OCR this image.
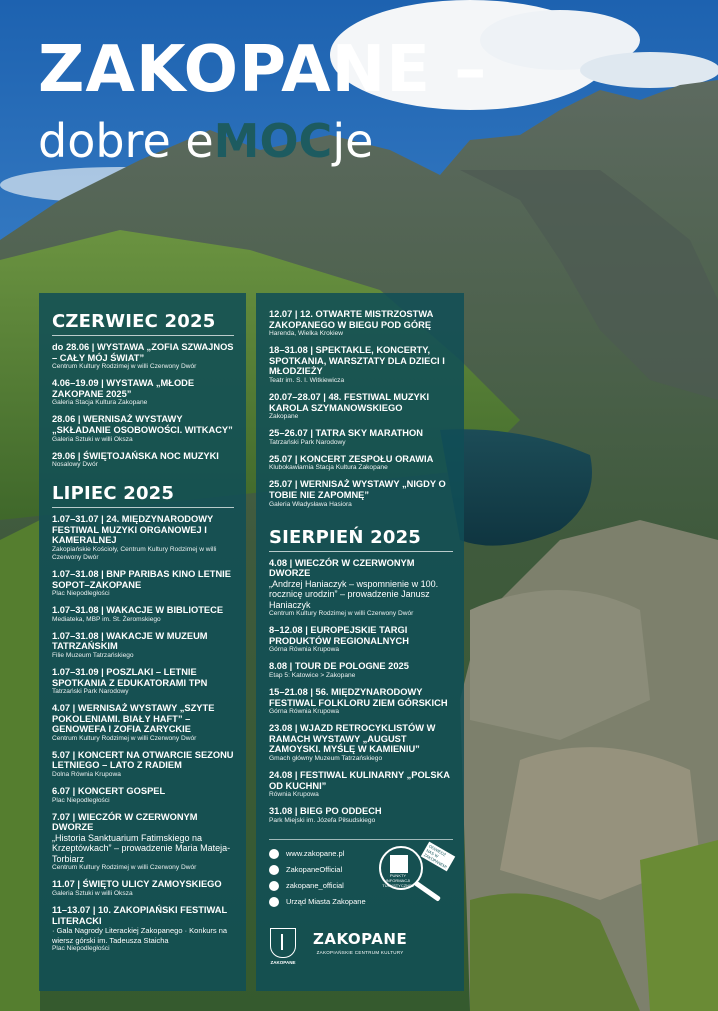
ZAKOPANE –
dobre eMOCje
CZERWIEC 2025
do 28.06 | WYSTAWA „ZOFIA SZWAJNOS – CAŁY MÓJ ŚWIAT”
Centrum Kultury Rodzimej w willi Czerwony Dwór
4.06–19.09 | WYSTAWA „MŁODE ZAKOPANE 2025”
Galeria Stacja Kultura Zakopane
28.06 | WERNISAŻ WYSTAWY „SKŁADANIE OSOBOWOŚCI. WITKACY”
Galeria Sztuki w willi Oksza
29.06 | ŚWIĘTOJAŃSKA NOC MUZYKI
Nosalowy Dwór
LIPIEC 2025
1.07–31.07 | 24. MIĘDZYNARODOWY FESTIWAL MUZYKI ORGANOWEJ I KAMERALNEJ
Zakopiańskie Kościoły, Centrum Kultury Rodzimej w willi Czerwony Dwór
1.07–31.08 | BNP PARIBAS KINO LETNIE SOPOT–ZAKOPANE
Plac Niepodległości
1.07–31.08 | WAKACJE W BIBLIOTECE
Mediateka, MBP im. St. Żeromskiego
1.07–31.08 | WAKACJE W MUZEUM TATRZAŃSKIM
Filie Muzeum Tatrzańskiego
1.07–31.09 | POSZLAKI – LETNIE SPOTKANIA Z EDUKATORAMI TPN
Tatrzański Park Narodowy
4.07 | WERNISAŻ WYSTAWY „SZYTE POKOLENIAMI. BIAŁY HAFT” – GENOWEFA I ZOFIA ZARYCKIE
Centrum Kultury Rodzimej w willi Czerwony Dwór
5.07 | KONCERT NA OTWARCIE SEZONU LETNIEGO – LATO Z RADIEM
Dolna Równia Krupowa
6.07 | KONCERT GOSPEL
Plac Niepodległości
7.07 | WIECZÓR W CZERWONYM DWORZE
„Historia Sanktuarium Fatimskiego na Krzeptówkach” – prowadzenie Maria Mateja-Torbiarz
Centrum Kultury Rodzimej w willi Czerwony Dwór
11.07 | ŚWIĘTO ULICY ZAMOYSKIEGO
Galeria Sztuki w willi Oksza
11–13.07 | 10. ZAKOPIAŃSKI FESTIWAL LITERACKI
· Gala Nagrody Literackiej Zakopanego · Konkurs na wiersz górski im. Tadeusza Staicha
Plac Niepodległości
12.07 | 12. OTWARTE MISTRZOSTWA ZAKOPANEGO W BIEGU POD GÓRĘ
Harenda, Wielka Krokiew
18–31.08 | SPEKTAKLE, KONCERTY, SPOTKANIA, WARSZTATY DLA DZIECI I MŁODZIEŻY
Teatr im. S. I. Witkiewicza
20.07–28.07 | 48. FESTIWAL MUZYKI KAROLA SZYMANOWSKIEGO
Zakopane
25–26.07 | TATRA SKY MARATHON
Tatrzański Park Narodowy
25.07 | KONCERT ZESPOŁU ORAWIA
Klubokawiarnia Stacja Kultura Zakopane
25.07 | WERNISAŻ WYSTAWY „NIGDY O TOBIE NIE ZAPOMNĘ”
Galeria Władysława Hasiora
SIERPIEŃ 2025
4.08 | WIECZÓR W CZERWONYM DWORZE
„Andrzej Haniaczyk – wspomnienie w 100. rocznicę urodzin” – prowadzenie Janusz Haniaczyk
Centrum Kultury Rodzimej w willi Czerwony Dwór
8–12.08 | EUROPEJSKIE TARGI PRODUKTÓW REGIONALNYCH
Górna Równia Krupowa
8.08 | TOUR DE POLOGNE 2025
Etap 5: Katowice > Zakopane
15–21.08 | 56. MIĘDZYNARODOWY FESTIWAL FOLKLORU ZIEM GÓRSKICH
Górna Równia Krupowa
23.08 | WJAZD RETROCYKLISTÓW W RAMACH WYSTAWY „AUGUST ZAMOYSKI. MYŚLĘ W KAMIENIU”
Gmach główny Muzeum Tatrzańskiego
24.08 | FESTIWAL KULINARNY „POLSKA OD KUCHNI”
Równia Krupowa
31.08 | BIEG PO ODDECH
Park Miejski im. Józefa Piłsudskiego
www.zakopane.pl
ZakopaneOfficial
zakopane_official
Urząd Miasta Zakopane
PUNKTY INFORMACJI TURYSTYCZNEJ
ODWIEDŹ NAS W ZAKOPANEM!
ZAKOPANE
ZAKOPANE
ZAKOPIAŃSKIE CENTRUM KULTURY
